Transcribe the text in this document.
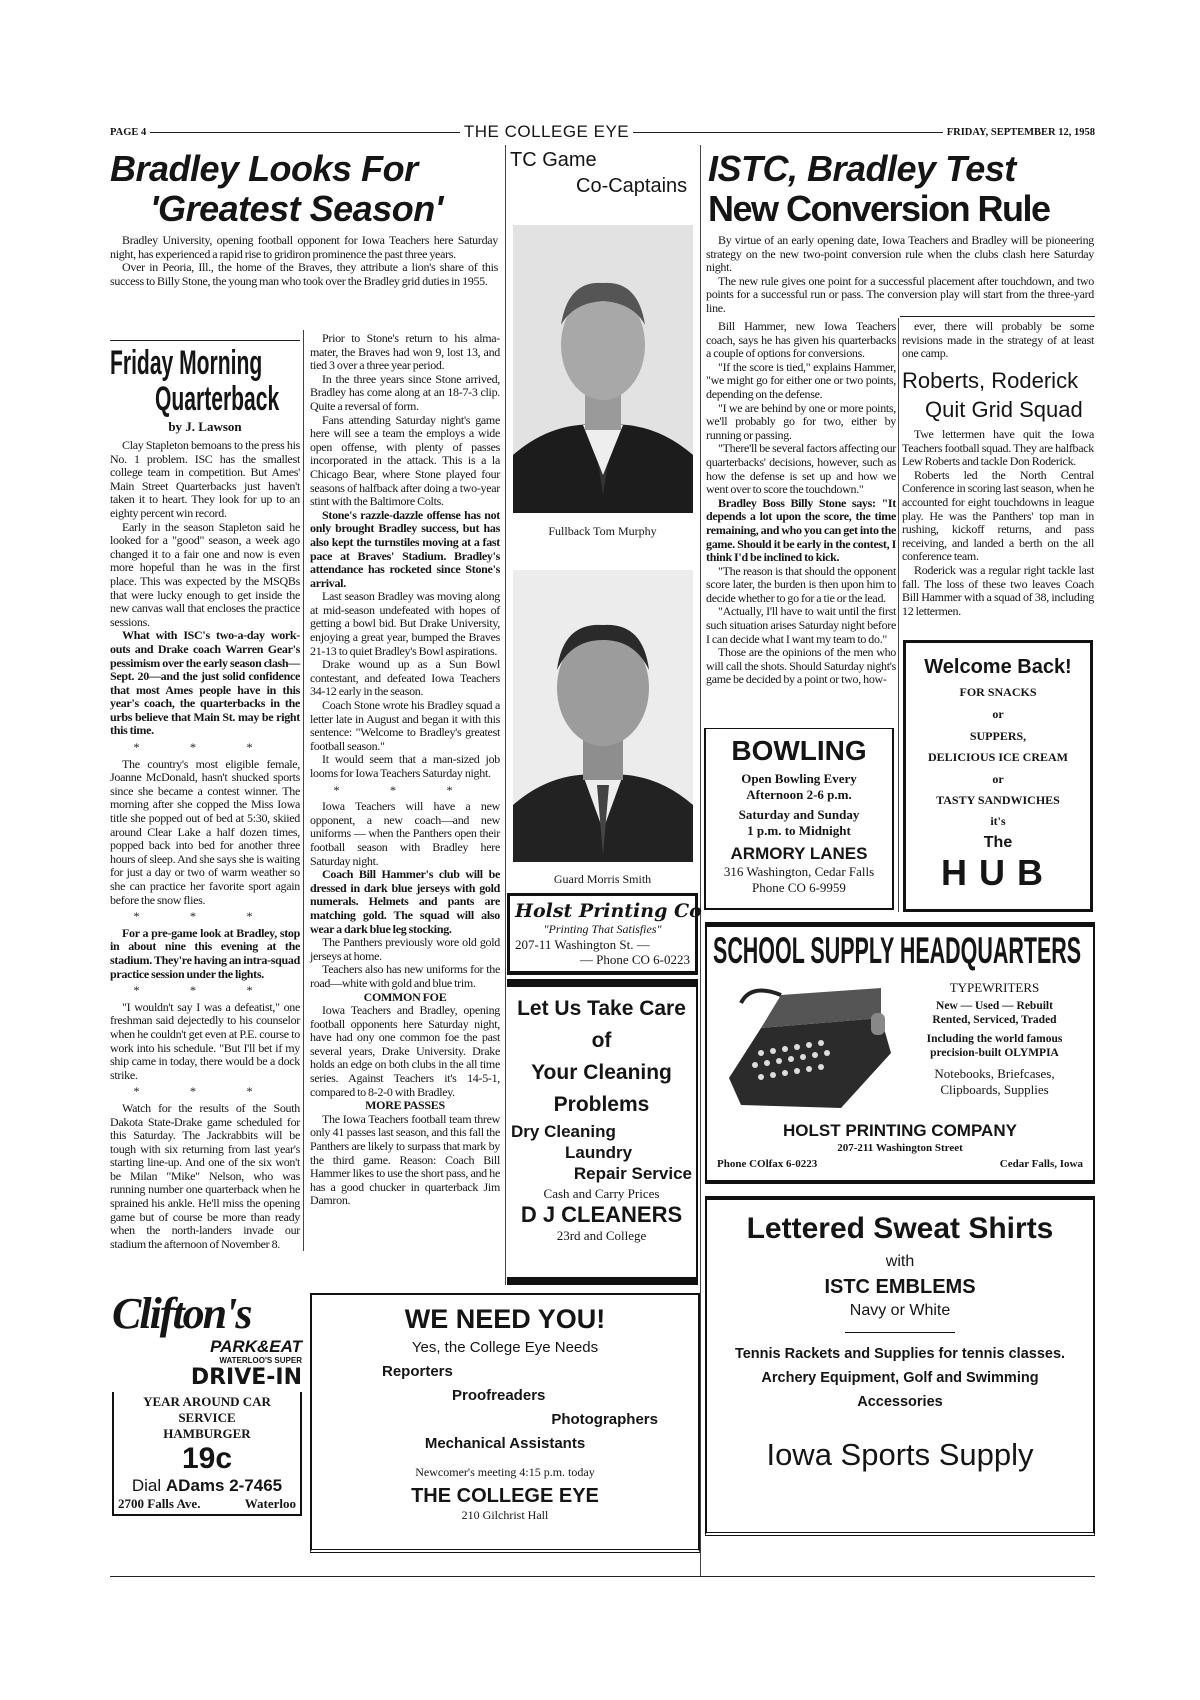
PAGE 4	THE COLLEGE EYE	FRIDAY, SEPTEMBER 12, 1958
Bradley Looks For
'Greatest Season'

Bradley University, opening football opponent for Iowa Teachers here Saturday night, has experienced a rapid rise to gridiron prominence the past three years.

Over in Peoria, Ill., the home of the Braves, they attribute a lion's share of this success to Billy Stone, the young man who took over the Bradley grid duties in 1955.

Prior to Stone's return to his alma-mater, the Braves had won 9, lost 13, and tied 3 over a three year period.

In the three years since Stone arrived, Bradley has come along at an 18-7-3 clip. Quite a reversal of form.

Fans attending Saturday night's game here will see a team the employs a wide open offense, with plenty of passes incorporated in the attack. This is a la Chicago Bear, where Stone played four seasons of halfback after doing a two-year stint with the Baltimore Colts.

Stone's razzle-dazzle offense has not only brought Bradley success, but has also kept the turnstiles moving at a fast pace at Braves' Stadium. Bradley's attendance has rocketed since Stone's arrival.

Last season Bradley was moving along at mid-season undefeated with hopes of getting a bowl bid. But Drake University, enjoying a great year, bumped the Braves 21-13 to quiet Bradley's Bowl aspirations.

Drake wound up as a Sun Bowl contestant, and defeated Iowa Teachers 34-12 early in the season.

Coach Stone wrote his Bradley squad a letter late in August and began it with this sentence: "Welcome to Bradley's greatest football season."

It would seem that a man-sized job looms for Iowa Teachers Saturday night.

* * *

Iowa Teachers will have a new opponent, a new coach—and new uniforms — when the Panthers open their football season with Bradley here Saturday night.

Coach Bill Hammer's club will be dressed in dark blue jerseys with gold numerals. Helmets and pants are matching gold. The squad will also wear a dark blue leg stocking.

The Panthers previously wore old gold jerseys at home.

Teachers also has new uniforms for the road—white with gold and blue trim.

COMMON FOE

Iowa Teachers and Bradley, opening football opponents here Saturday night, have had ony one common foe the past several years, Drake University. Drake holds an edge on both clubs in the all time series. Against Teachers it's 14-5-1, compared to 8-2-0 with Bradley.

MORE PASSES

The Iowa Teachers football team threw only 41 passes last season, and this fall the Panthers are likely to surpass that mark by the third game. Reason: Coach Bill Hammer likes to use the short pass, and he has a good chucker in quarterback Jim Damron.

Friday Morning
Quarterback
by J. Lawson

Clay Stapleton bemoans to the press his No. 1 problem. ISC has the smallest college team in competition. But Ames' Main Street Quarterbacks just haven't taken it to heart. They look for up to an eighty percent win record.

Early in the season Stapleton said he looked for a "good" season, a week ago changed it to a fair one and now is even more hopeful than he was in the first place. This was expected by the MSQBs that were lucky enough to get inside the new canvas wall that encloses the practice sessions.

What with ISC's two-a-day work-outs and Drake coach Warren Gear's pessimism over the early season clash—Sept. 20—and the just solid confidence that most Ames people have in this year's coach, the quarterbacks in the urbs believe that Main St. may be right this time.

* * *

The country's most eligible female, Joanne McDonald, hasn't shucked sports since she became a contest winner. The morning after she copped the Miss Iowa title she popped out of bed at 5:30, skiied around Clear Lake a half dozen times, popped back into bed for another three hours of sleep. And she says she is waiting for just a day or two of warm weather so she can practice her favorite sport again before the snow flies.

* * *

For a pre-game look at Bradley, stop in about nine this evening at the stadium. They're having an intra-squad practice session under the lights.

* * *

"I wouldn't say I was a defeatist," one freshman said dejectedly to his counselor when he couldn't get even at P.E. course to work into his schedule. "But I'll bet if my ship came in today, there would be a dock strike.

* * *

Watch for the results of the South Dakota State-Drake game scheduled for this Saturday. The Jackrabbits will be tough with six returning from last year's starting line-up. And one of the six won't be Milan "Mike" Nelson, who was running number one quarterback when he sprained his ankle. He'll miss the opening game but of course be more than ready when the north-landers invade our stadium the afternoon of November 8.

Clifton's
PARK&EAT
WATERLOO'S SUPER
DRIVE-IN
YEAR AROUND CAR
SERVICE
HAMBURGER
19c
Dial ADams 2-7465
2700 Falls Ave.	Waterloo
TC Game
Co-Captains
Fullback Tom Murphy
Guard Morris Smith
Holst Printing Co
"Printing That Satisfies"
207-11 Washington St. —
— Phone CO 6-0223
Let Us Take Care
of
Your Cleaning
Problems
Dry Cleaning
Laundry
Repair Service
Cash and Carry Prices
D J CLEANERS
23rd and College
WE NEED YOU!
Yes, the College Eye Needs
Reporters
Proofreaders
Photographers
Mechanical Assistants
Newcomer's meeting 4:15 p.m. today
THE COLLEGE EYE
210 Gilchrist Hall
ISTC, Bradley Test
New Conversion Rule

By virtue of an early opening date, Iowa Teachers and Bradley will be pioneering strategy on the new two-point conversion rule when the clubs clash here Saturday night.

The new rule gives one point for a successful placement after touchdown, and two points for a successful run or pass. The conversion play will start from the three-yard line.

Bill Hammer, new Iowa Teachers coach, says he has given his quarterbacks a couple of options for conversions.

"If the score is tied," explains Hammer, "we might go for either one or two points, depending on the defense.

"I we are behind by one or more points, we'll probably go for two, either by running or passing.

"There'll be several factors affecting our quarterbacks' decisions, however, such as how the defense is set up and how we went over to score the touchdown."

Bradley Boss Billy Stone says: "It depends a lot upon the score, the time remaining, and who you can get into the game. Should it be early in the contest, I think I'd be inclined to kick.

"The reason is that should the opponent score later, the burden is then upon him to decide whether to go for a tie or the lead.

"Actually, I'll have to wait until the first such situation arises Saturday night before I can decide what I want my team to do."

Those are the opinions of the men who will call the shots. Should Saturday night's game be decided by a point or two, how-

ever, there will probably be some revisions made in the strategy of at least one camp.

Roberts, Roderick
Quit Grid Squad

Twe lettermen have quit the Iowa Teachers football squad. They are halfback Lew Roberts and tackle Don Roderick.

Roberts led the North Central Conference in scoring last season, when he accounted for eight touchdowns in league play. He was the Panthers' top man in rushing, kickoff returns, and pass receiving, and landed a berth on the all conference team.

Roderick was a regular right tackle last fall. The loss of these two leaves Coach Bill Hammer with a squad of 38, including 12 lettermen.

BOWLING
Open Bowling Every
Afternoon 2-6 p.m.
Saturday and Sunday
1 p.m. to Midnight
ARMORY LANES
316 Washington, Cedar Falls
Phone CO 6-9959
Welcome Back!
FOR SNACKS
or
SUPPERS,
DELICIOUS ICE CREAM
or
TASTY SANDWICHES
it's
The
HUB
SCHOOL SUPPLY HEADQUARTERS
TYPEWRITERS
New — Used — Rebuilt
Rented, Serviced, Traded
Including the world famous
precision-built OLYMPIA
Notebooks, Briefcases,
Clipboards, Supplies
HOLST PRINTING COMPANY
207-211 Washington Street
Phone COlfax 6-0223	Cedar Falls, Iowa
Lettered Sweat Shirts
with
ISTC EMBLEMS
Navy or White
Tennis Rackets and Supplies for tennis classes.
Archery Equipment, Golf and Swimming
Accessories
Iowa Sports Supply
